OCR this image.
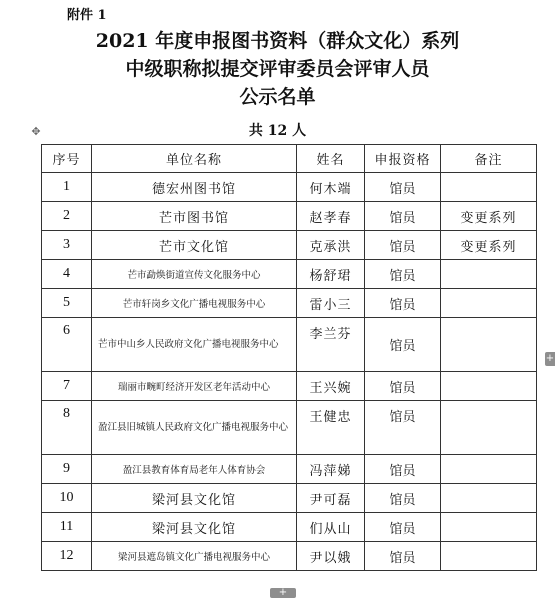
附件 1
2021 年度申报图书资料（群众文化）系列
中级职称拟提交评审委员会评审人员
公示名单
共 12 人
✥
序号	单位名称	姓名	申报资格	备注
1	德宏州图书馆	何木端	馆员	
2	芒市图书馆	赵孝春	馆员	变更系列
3	芒市文化馆	克承洪	馆员	变更系列
4	芒市勐焕街道宣传文化服务中心	杨舒珺	馆员	
5	芒市轩岗乡文化广播电视服务中心	雷小三	馆员	
6	芒市中山乡人民政府文化广播电视服务中心	李兰芬	馆员	
7	瑞丽市畹町经济开发区老年活动中心	王兴婉	馆员	
8	盈江县旧城镇人民政府文化广播电视服务中心	王健忠	馆员	
9	盈江县教育体育局老年人体育协会	冯萍娣	馆员	
10	梁河县文化馆	尹可磊	馆员	
11	梁河县文化馆	们从山	馆员	
12	梁河县遮岛镇文化广播电视服务中心	尹以娥	馆员	
+
+
